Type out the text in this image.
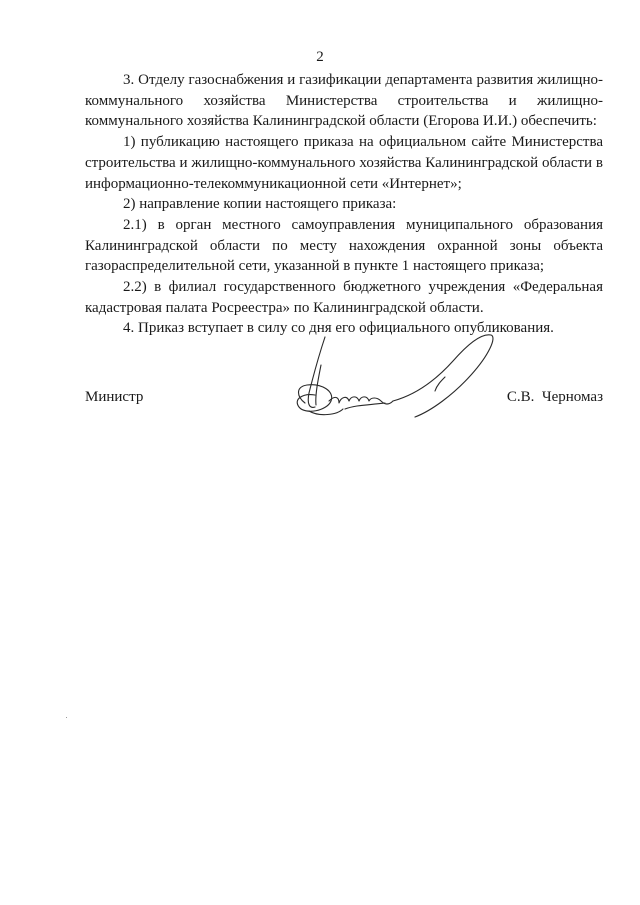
2

3. Отделу газоснабжения и газификации департамента развития жилищно-коммунального хозяйства Министерства строительства и жилищно-коммунального хозяйства Калининградской области (Егорова И.И.) обеспечить:

1) публикацию настоящего приказа на официальном сайте Министерства строительства и жилищно-коммунального хозяйства Калининградской области в информационно-телекоммуникационной сети «Интернет»;

2) направление копии настоящего приказа:

2.1) в орган местного самоуправления муниципального образования Калининградской области по месту нахождения охранной зоны объекта газораспределительной сети, указанной в пункте 1 настоящего приказа;

2.2) в филиал государственного бюджетного учреждения «Федеральная кадастровая палата Росреестра» по Калининградской области.

4. Приказ вступает в силу со дня его официального опубликования.

Министр	С.В.  Черномаз
